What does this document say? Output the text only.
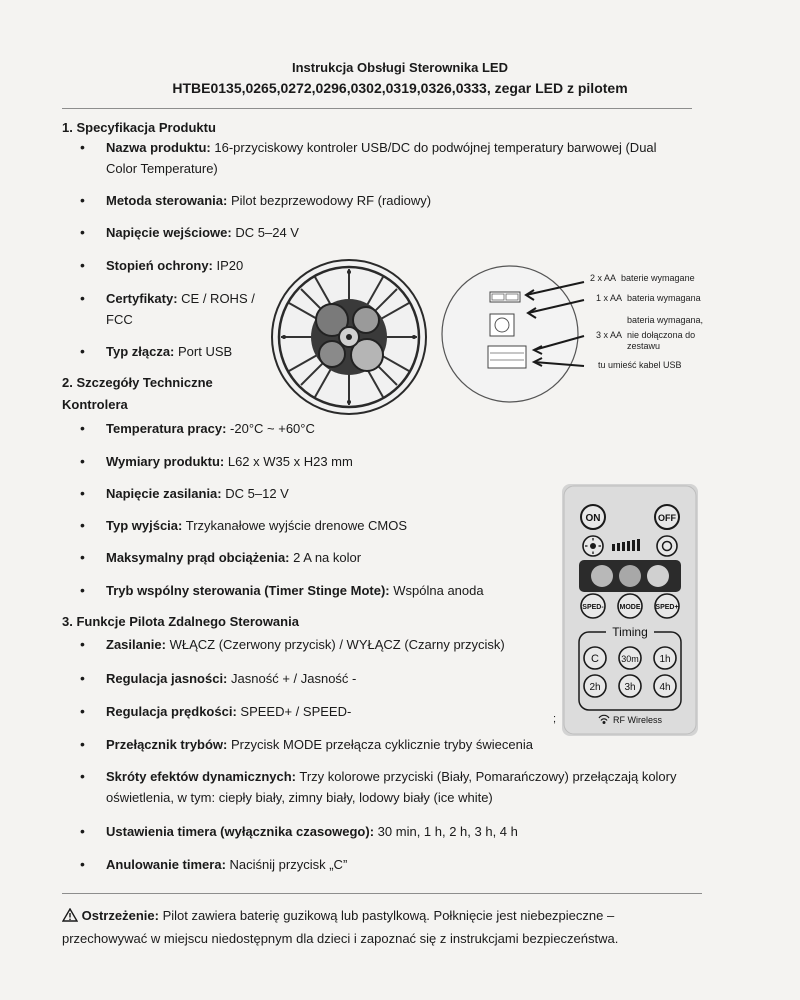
Instrukcja Obsługi Sterownika LED
HTBE0135,0265,0272,0296,0302,0319,0326,0333, zegar LED z pilotem
1. Specyfikacja Produktu
• Nazwa produktu: 16-przyciskowy kontroler USB/DC do podwójnej temperatury barwowej (Dual
Color Temperature)
• Metoda sterowania: Pilot bezprzewodowy RF (radiowy)
• Napięcie wejściowe: DC 5–24 V
• Stopień ochrony: IP20
• Certyfikaty: CE / ROHS /
FCC
• Typ złącza: Port USB
2. Szczegóły Techniczne
Kontrolera
• Temperatura pracy: -20°C ~ +60°C
• Wymiary produktu: L62 x W35 x H23 mm
• Napięcie zasilania: DC 5–12 V
• Typ wyjścia: Trzykanałowe wyjście drenowe CMOS
• Maksymalny prąd obciążenia: 2 A na kolor
• Tryb wspólny sterowania (Timer Stinge Mote): Wspólna anoda
3. Funkcje Pilota Zdalnego Sterowania
• Zasilanie: WŁĄCZ (Czerwony przycisk) / WYŁĄCZ (Czarny przycisk)
• Regulacja jasności: Jasność + / Jasność -
• Regulacja prędkości: SPEED+ / SPEED-
• Przełącznik trybów: Przycisk MODE przełącza cyklicznie tryby świecenia
• Skróty efektów dynamicznych: Trzy kolorowe przyciski (Biały, Pomarańczowy) przełączają kolory
oświetlenia, w tym: ciepły biały, zimny biały, lodowy biały (ice white)
• Ustawienia timera (wyłącznika czasowego): 30 min, 1 h, 2 h, 3 h, 4 h
• Anulowanie timera: Naciśnij przycisk „C”
Ostrzeżenie: Pilot zawiera baterię guzikową lub pastylkową. Połknięcie jest niebezpieczne –
przechowywać w miejscu niedostępnym dla dzieci i zapoznać się z instrukcjami bezpieczeństwa.
2 x AA baterie wymagane
1 x AA bateria wymagana
bateria wymagana,
3 x AA nie dołączona do
zestawu
tu umieść kabel USB
ON	OFF
SPED- MODE SPED+
Timing
C 30m 1h
2h 3h 4h
RF Wireless
;
